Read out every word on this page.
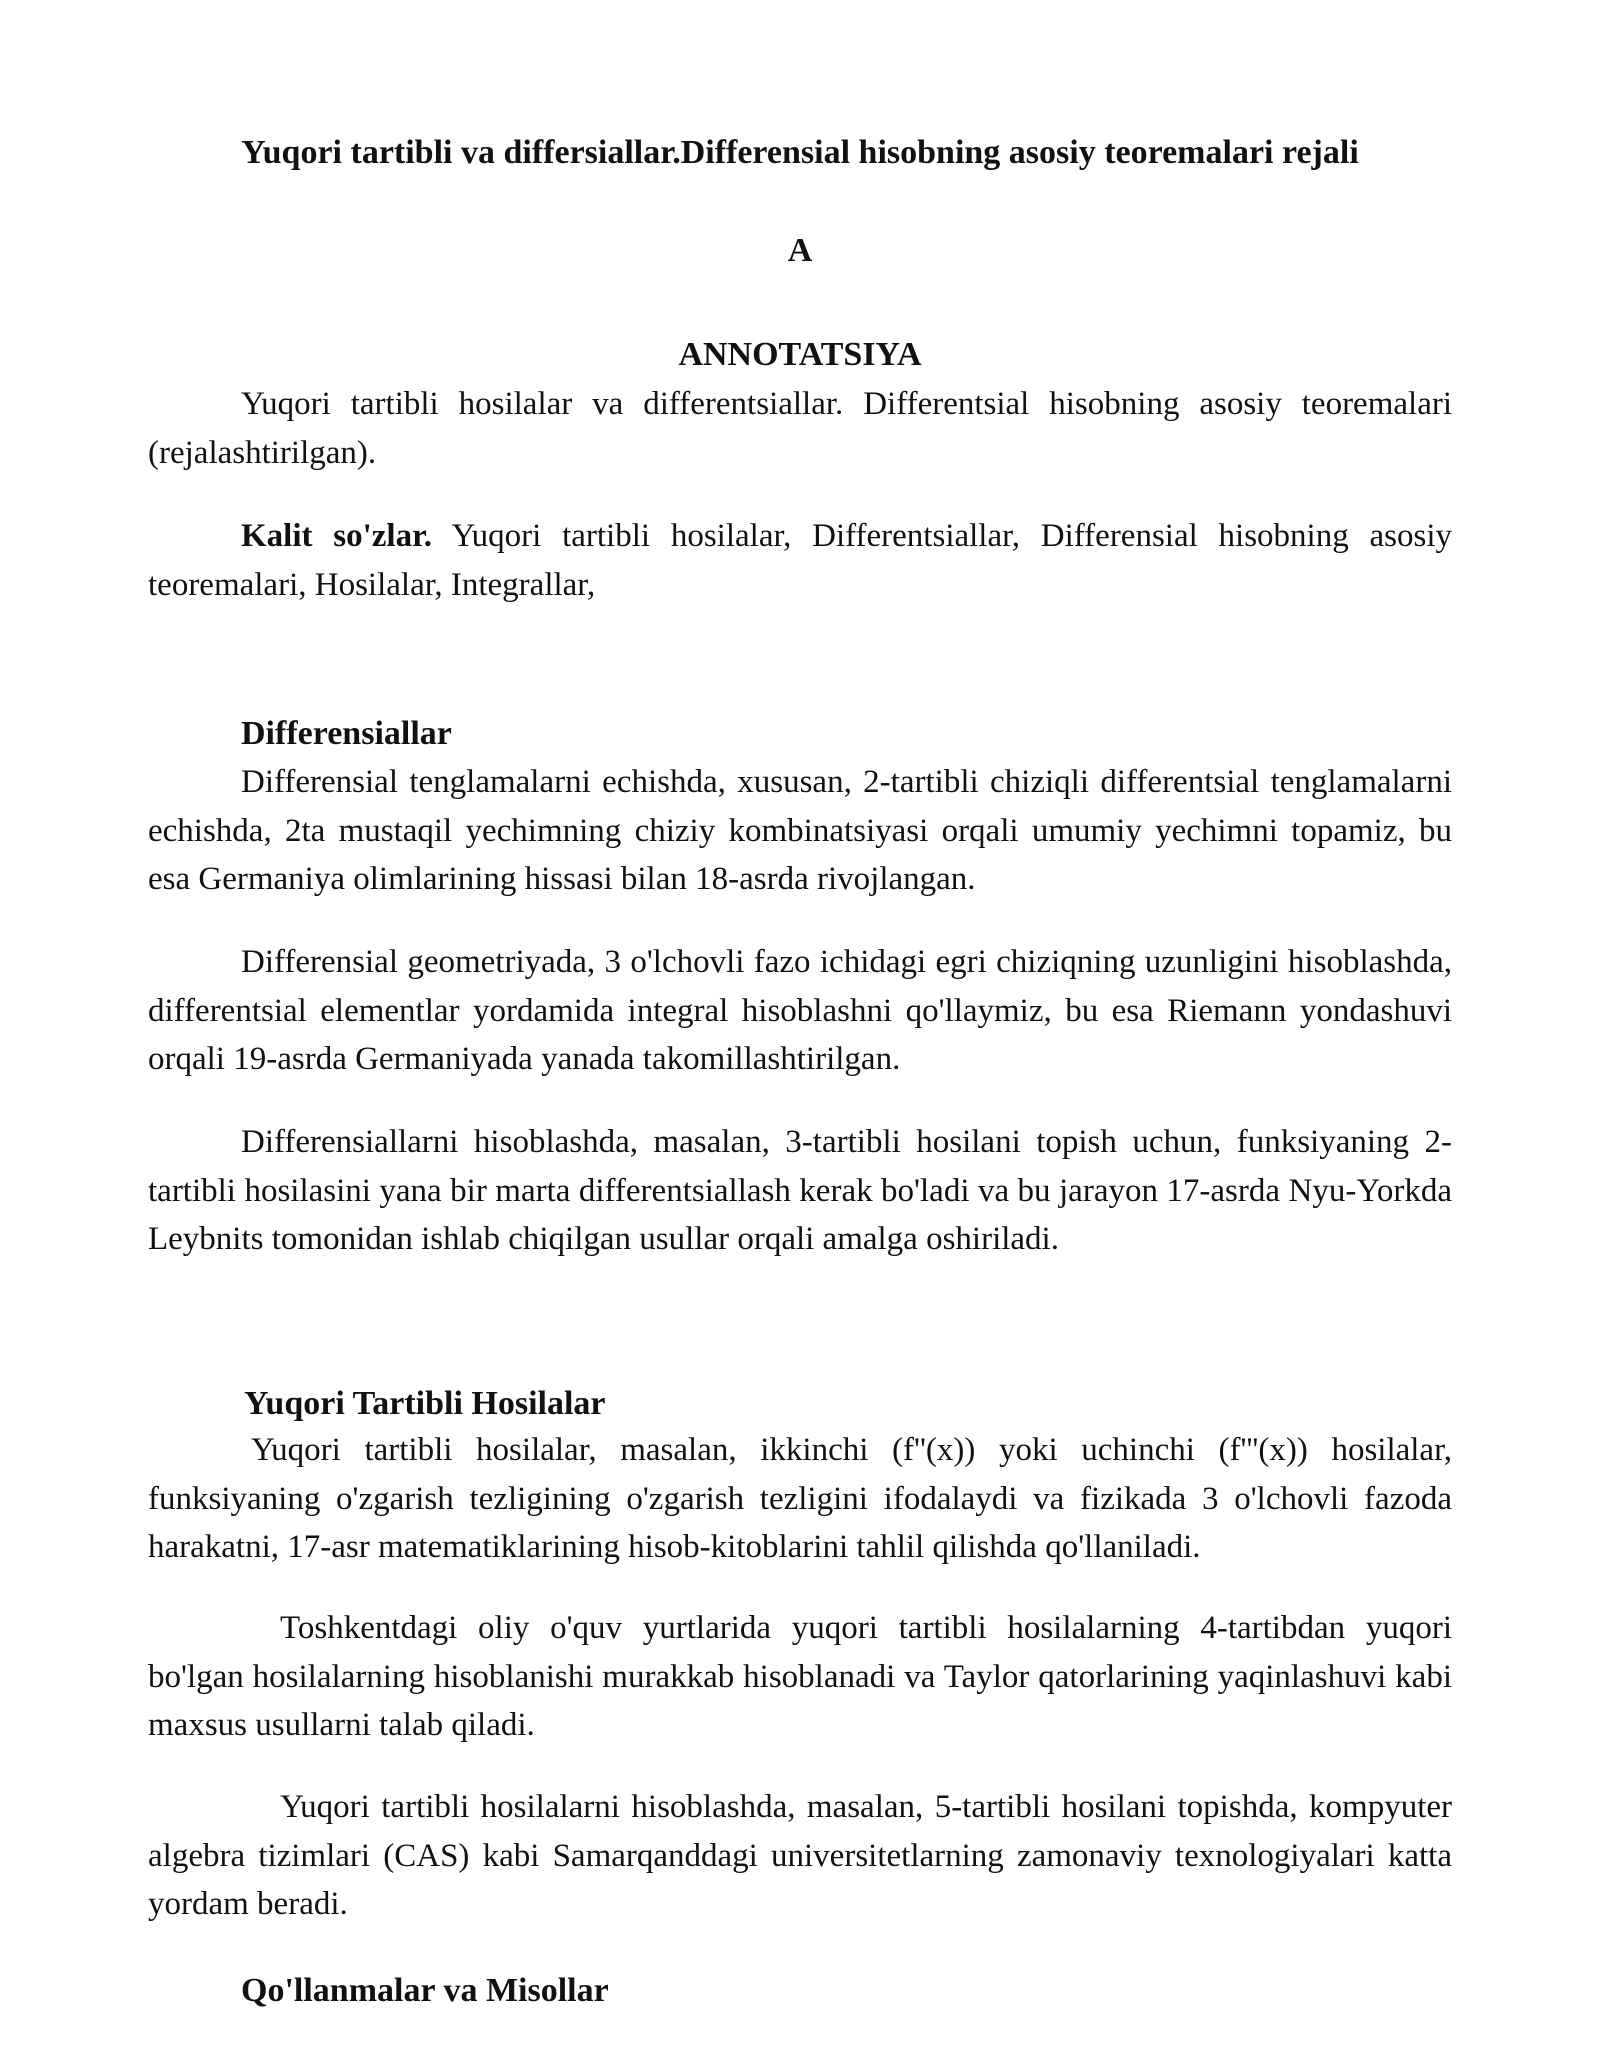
Yuqori tartibli va differsiallar.Differensial hisobning asosiy teoremalari rejali
A
ANNOTATSIYA

Yuqori tartibli hosilalar va differentsiallar. Differentsial hisobning asosiy teoremalari (rejalashtirilgan).

Kalit so'zlar. Yuqori tartibli hosilalar, Differentsiallar, Differensial hisobning asosiy teoremalari, Hosilalar, Integrallar,

Differensiallar

Differensial tenglamalarni echishda, xususan, 2-tartibli chiziqli differentsial tenglamalarni echishda, 2ta mustaqil yechimning chiziy kombinatsiyasi orqali umumiy yechimni topamiz, bu esa Germaniya olimlarining hissasi bilan 18-asrda rivojlangan.

Differensial geometriyada, 3 o'lchovli fazo ichidagi egri chiziqning uzunligini hisoblashda, differentsial elementlar yordamida integral hisoblashni qo'llaymiz, bu esa Riemann yondashuvi orqali 19-asrda Germaniyada yanada takomillashtirilgan.

Differensiallarni hisoblashda, masalan, 3-tartibli hosilani topish uchun, funksiyaning 2-tartibli hosilasini yana bir marta differentsiallash kerak bo'ladi va bu jarayon 17-asrda Nyu-Yorkda Leybnits tomonidan ishlab chiqilgan usullar orqali amalga oshiriladi.

Yuqori Tartibli Hosilalar

Yuqori tartibli hosilalar, masalan, ikkinchi (f''(x)) yoki uchinchi (f'''(x)) hosilalar, funksiyaning o'zgarish tezligining o'zgarish tezligini ifodalaydi va fizikada 3 o'lchovli fazoda harakatni, 17-asr matematiklarining hisob-kitoblarini tahlil qilishda qo'llaniladi.

Toshkentdagi oliy o'quv yurtlarida yuqori tartibli hosilalarning 4-tartibdan yuqori bo'lgan hosilalarning hisoblanishi murakkab hisoblanadi va Taylor qatorlarining yaqinlashuvi kabi maxsus usullarni talab qiladi.

Yuqori tartibli hosilalarni hisoblashda, masalan, 5-tartibli hosilani topishda, kompyuter algebra tizimlari (CAS) kabi Samarqanddagi universitetlarning zamonaviy texnologiyalari katta yordam beradi.

Qo'llanmalar va Misollar
